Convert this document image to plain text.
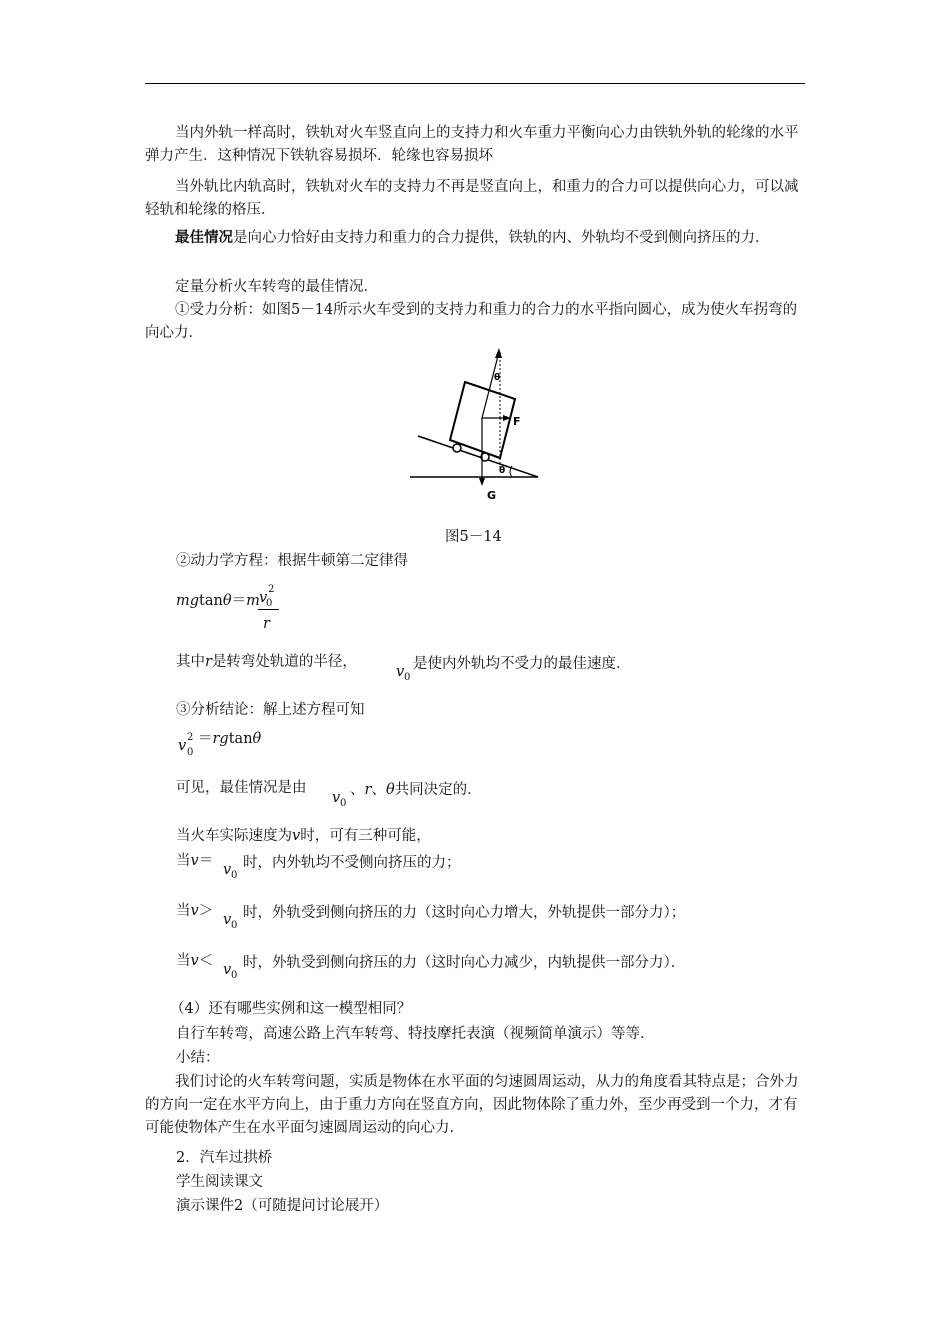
当内外轨一样高时，铁轨对火车竖直向上的支持力和火车重力平衡向心力由铁轨外轨的轮缘的水平弹力产生．这种情况下铁轨容易损坏．轮缘也容易损坏

当外轨比内轨高时，铁轨对火车的支持力不再是竖直向上，和重力的合力可以提供向心力，可以减轻轨和轮缘的格压．

最佳情况是向心力恰好由支持力和重力的合力提供，铁轨的内、外轨均不受到侧向挤压的力．

定量分析火车转弯的最佳情况．

①受力分析：如图5－14所示火车受到的支持力和重力的合力的水平指向圆心，成为使火车拐弯的向心力．

θ
F
θ
G
图5－14
②动力学方程：根据牛顿第二定律得
mgtanθ＝m v
2
0
r
其中r是转弯处轨道的半径，
v 0
是使内外轨均不受力的最佳速度．
③分析结论：解上述方程可知
v
2
0
＝rgtanθ
可见，最佳情况是由
v 0
、r、θ共同决定的．
当火车实际速度为v时，可有三种可能，
当v＝
v 0
时，内外轨均不受侧向挤压的力；
当v＞
v 0
时，外轨受到侧向挤压的力（这时向心力增大，外轨提供一部分力）；
当v＜
v 0
时，外轨受到侧向挤压的力（这时向心力减少，内轨提供一部分力）．
（4）还有哪些实例和这一模型相同？
自行车转弯，高速公路上汽车转弯、特技摩托表演（视频简单演示）等等．
小结：

我们讨论的火车转弯问题，实质是物体在水平面的匀速圆周运动，从力的角度看其特点是；合外力的方向一定在水平方向上，由于重力方向在竖直方向，因此物体除了重力外，至少再受到一个力，才有可能使物体产生在水平面匀速圆周运动的向心力．

2．汽车过拱桥
学生阅读课文
演示课件2（可随提问讨论展开）
